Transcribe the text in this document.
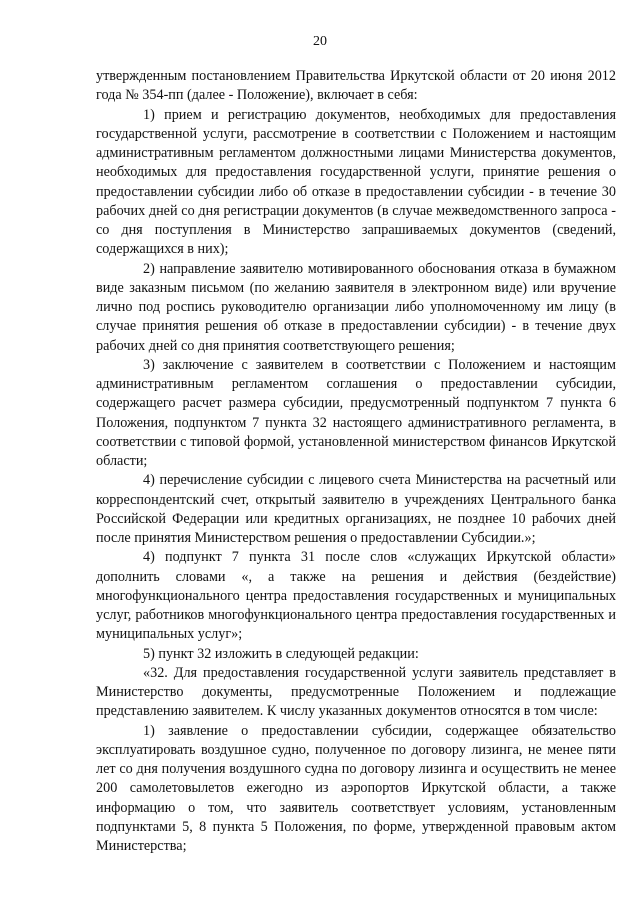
20

утвержденным постановлением Правительства Иркутской области от 20 июня 2012 года № 354-пп (далее - Положение), включает в себя:

1) прием и регистрацию документов, необходимых для предоставления государственной услуги, рассмотрение в соответствии с Положением и настоящим административным регламентом должностными лицами Министерства документов, необходимых для предоставления государственной услуги, принятие решения о предоставлении субсидии либо об отказе в предоставлении субсидии - в течение 30 рабочих дней со дня регистрации документов (в случае межведомственного запроса - со дня поступления в Министерство запрашиваемых документов (сведений, содержащихся в них);

2) направление заявителю мотивированного обоснования отказа в бумажном виде заказным письмом (по желанию заявителя в электронном виде) или вручение лично под роспись руководителю организации либо уполномоченному им лицу (в случае принятия решения об отказе в предоставлении субсидии) - в течение двух рабочих дней со дня принятия соответствующего решения;

3) заключение с заявителем в соответствии с Положением и настоящим административным регламентом соглашения о предоставлении субсидии, содержащего расчет размера субсидии, предусмотренный подпунктом 7 пункта 6 Положения, подпунктом 7 пункта 32 настоящего административного регламента, в соответствии с типовой формой, установленной министерством финансов Иркутской области;

4) перечисление субсидии с лицевого счета Министерства на расчетный или корреспондентский счет, открытый заявителю в учреждениях Центрального банка Российской Федерации или кредитных организациях, не позднее 10 рабочих дней после принятия Министерством решения о предоставлении Субсидии.»;

4) подпункт 7 пункта 31 после слов «служащих Иркутской области» дополнить словами «, а также на решения и действия (бездействие) многофункционального центра предоставления государственных и муниципальных услуг, работников многофункционального центра предоставления государственных и муниципальных услуг»;

5) пункт 32 изложить в следующей редакции:

«32. Для предоставления государственной услуги заявитель представляет в Министерство документы, предусмотренные Положением и подлежащие представлению заявителем. К числу указанных документов относятся в том числе:

1) заявление о предоставлении субсидии, содержащее обязательство эксплуатировать воздушное судно, полученное по договору лизинга, не менее пяти лет со дня получения воздушного судна по договору лизинга и осуществить не менее 200 самолетовылетов ежегодно из аэропортов Иркутской области, а также информацию о том, что заявитель соответствует условиям, установленным подпунктами 5, 8 пункта 5 Положения, по форме, утвержденной правовым актом Министерства;
